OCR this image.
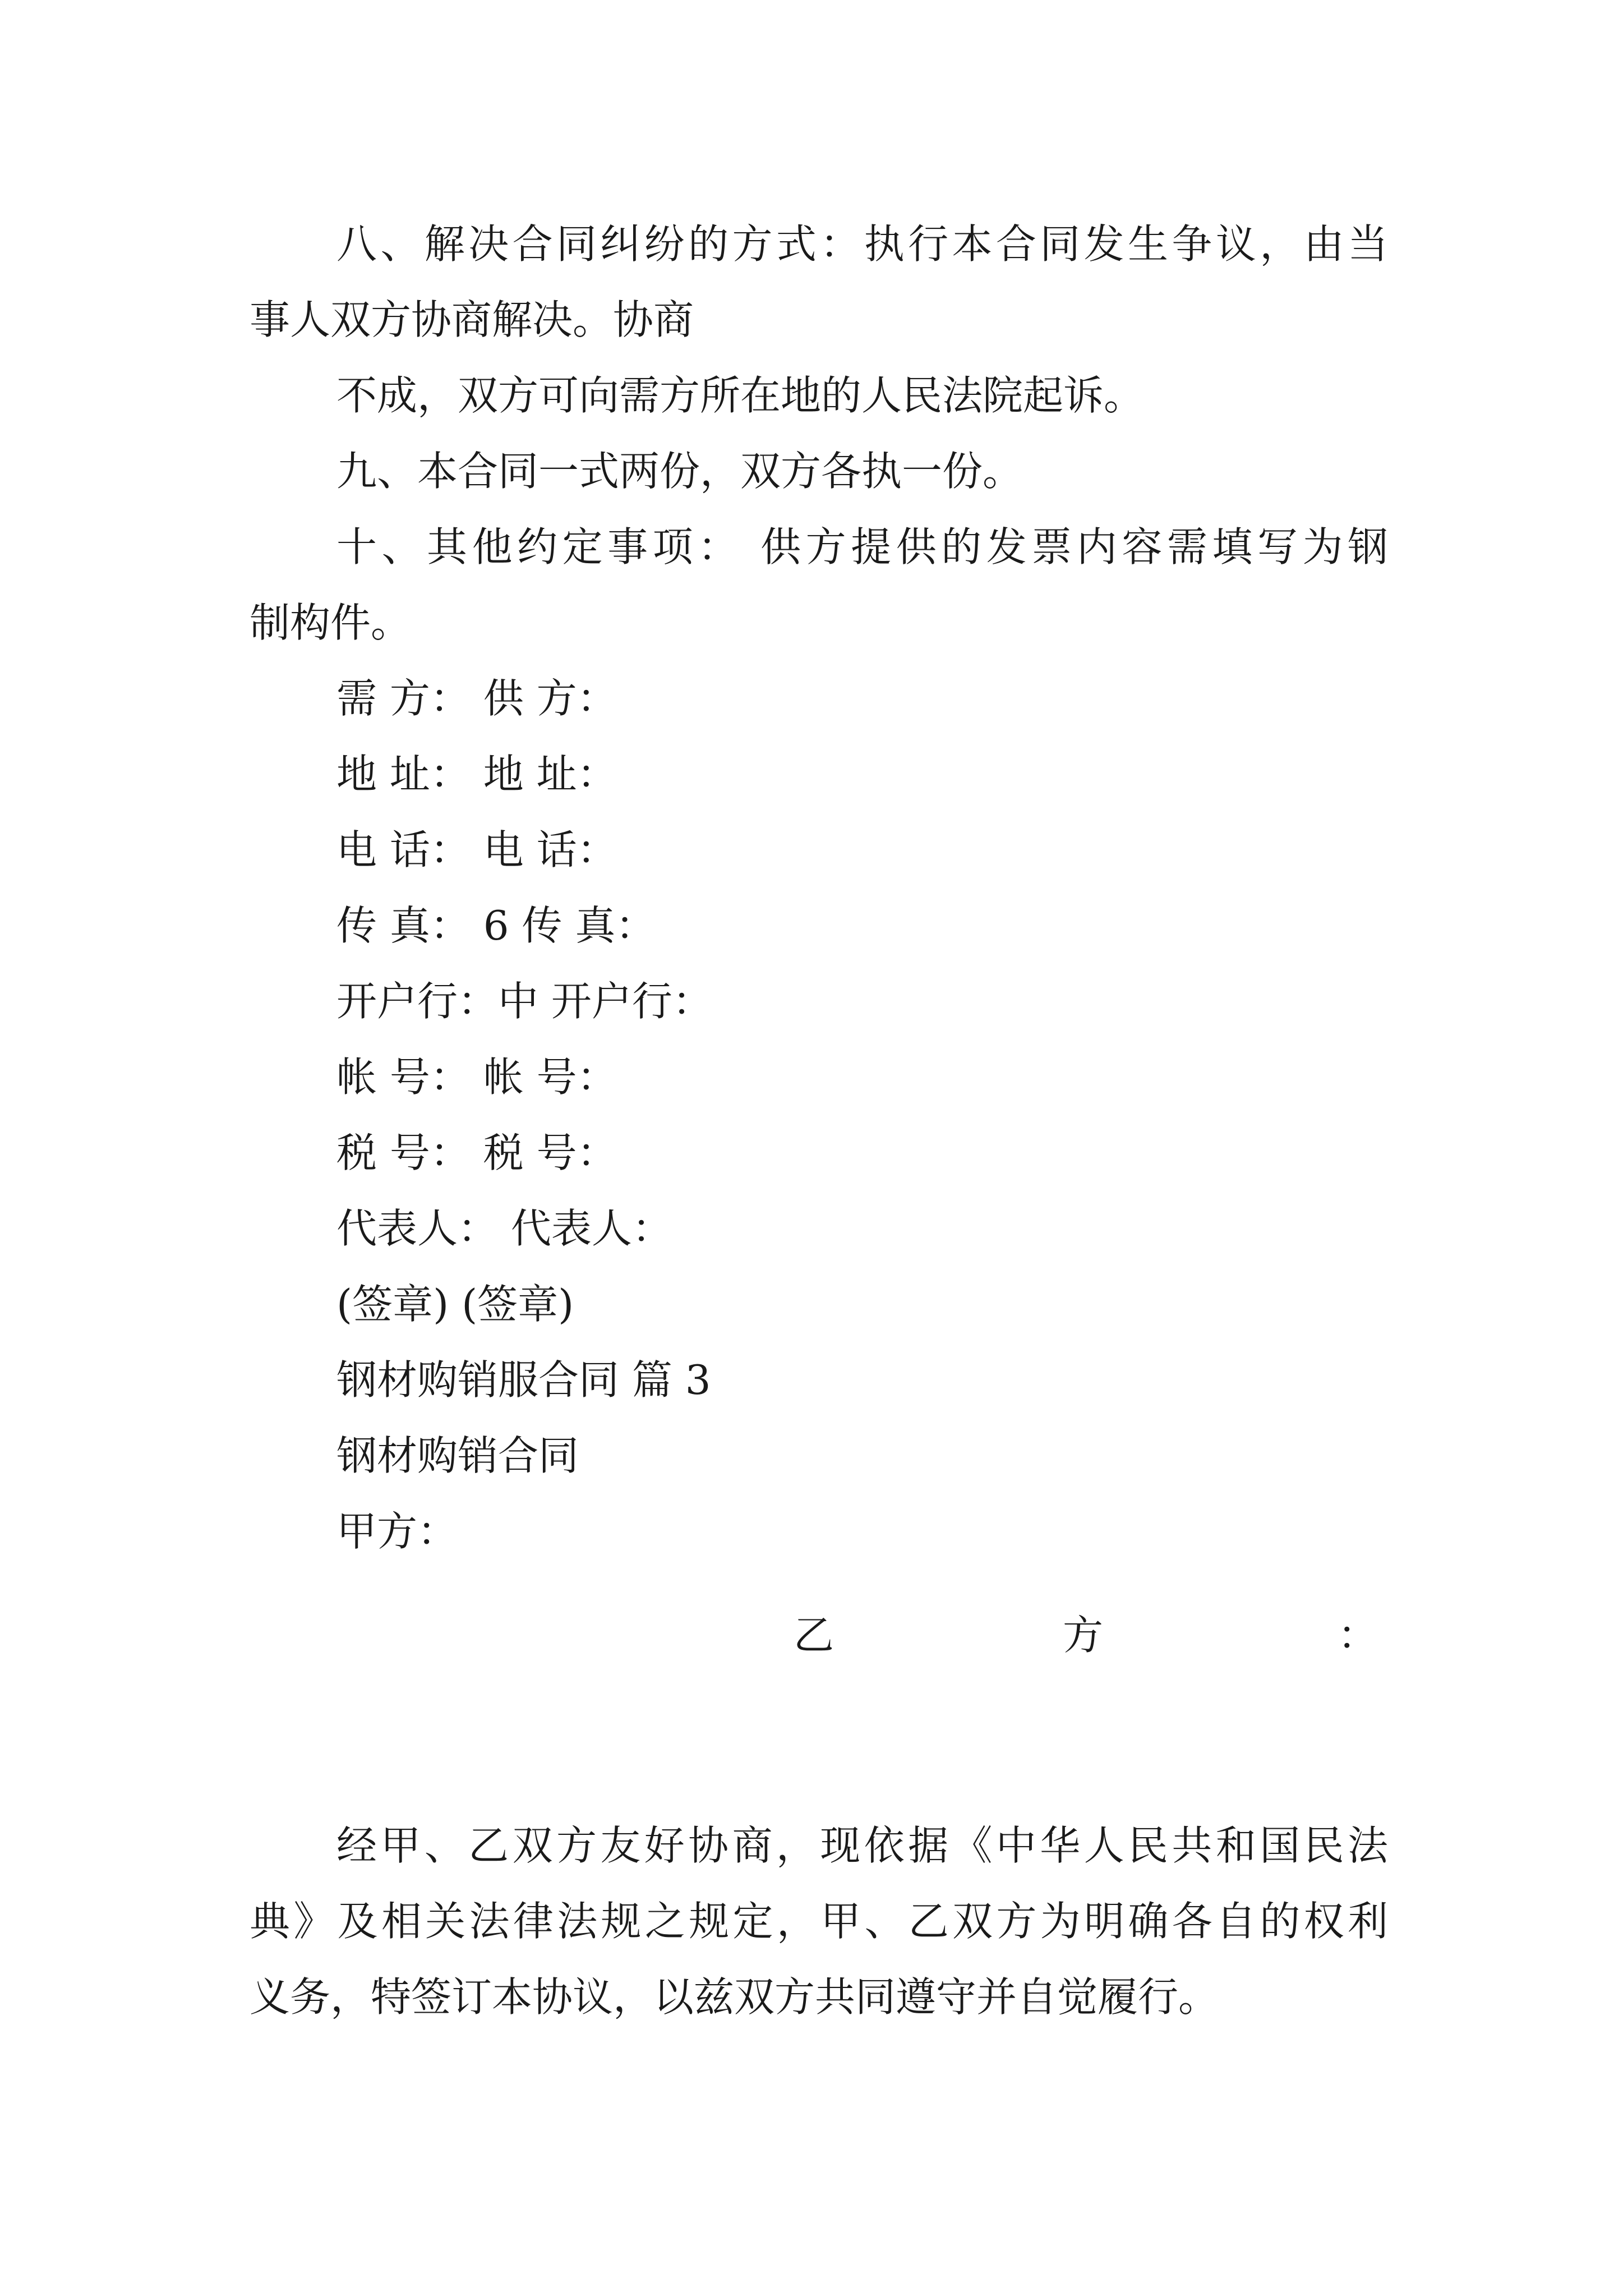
八、解决合同纠纷的方式：执行本合同发生争议，由当
事人双方协商解决。协商
不成，双方可向需方所在地的人民法院起诉。
九、本合同一式两份，双方各执一份。
十、其他约定事项： 供方提供的发票内容需填写为钢
制构件。
需 方： 供 方：
地 址： 地 址：
电 话： 电 话：
传 真： 6 传 真：
开户行：中 开户行：
帐 号： 帐 号：
税 号： 税 号：
代表人： 代表人：
(签章) (签章)
钢材购销服合同 篇 3
钢材购销合同
甲方：
乙	方	：
经甲、乙双方友好协商，现依据《中华人民共和国民法
典》及相关法律法规之规定，甲、乙双方为明确各自的权利
义务，特签订本协议，以兹双方共同遵守并自觉履行。
